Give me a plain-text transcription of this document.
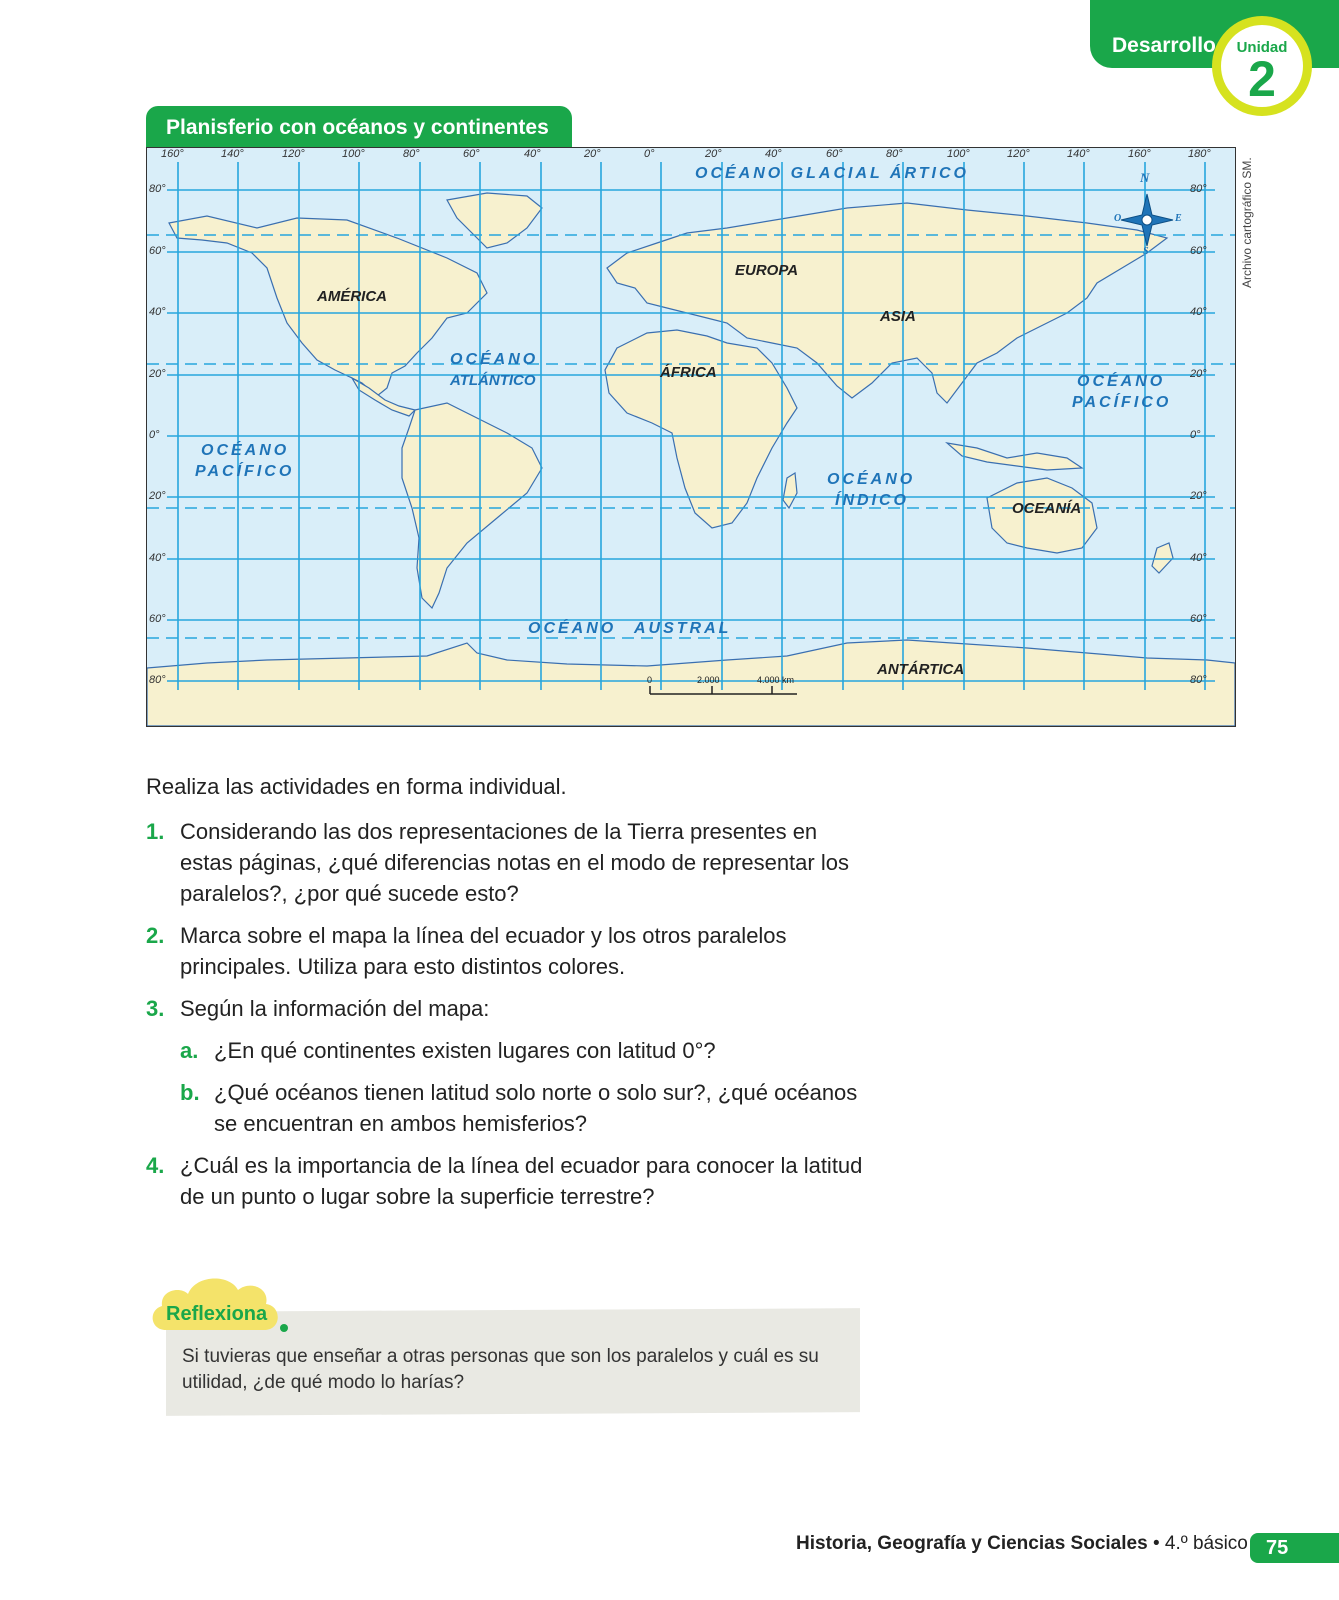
Desarrollo	Unidad
2
Planisferio con océanos y continentes
160°	140°	120°	100°	80°	60°	40°	20°	0°	20°	40°	60°	80°	100°	120°	140°	160°	180°
80°
60°
40°
20°
0°
20°
40°
60°
80°
80°
60°
40°
20°
0°
20°
40°
60°
80°
AMÉRICA
EUROPA
ASIA
ÁFRICA
OCEANÍA
ANTÁRTICA
OCÉANO GLACIAL ÁRTICO
OCÉANO
ATLÁNTICO
OCÉANO
PACÍFICO
OCÉANO
PACÍFICO
OCÉANO
ÍNDICO
OCÉANO AUSTRAL
N
S
E
O
0	2.000	4.000 km
Archivo cartográfico SM.
Realiza las actividades en forma individual.
1. Considerando las dos representaciones de la Tierra presentes en estas páginas, ¿qué diferencias notas en el modo de representar los paralelos?, ¿por qué sucede esto?
2. Marca sobre el mapa la línea del ecuador y los otros paralelos principales. Utiliza para esto distintos colores.
3. Según la información del mapa:
a. ¿En qué continentes existen lugares con latitud 0°?
b. ¿Qué océanos tienen latitud solo norte o solo sur?, ¿qué océanos se encuentran en ambos hemisferios?
4. ¿Cuál es la importancia de la línea del ecuador para conocer la latitud de un punto o lugar sobre la superficie terrestre?
Reflexiona
Si tuvieras que enseñar a otras personas que son los paralelos y cuál es su utilidad, ¿de qué modo lo harías?
Historia, Geografía y Ciencias Sociales • 4.º básico 75
